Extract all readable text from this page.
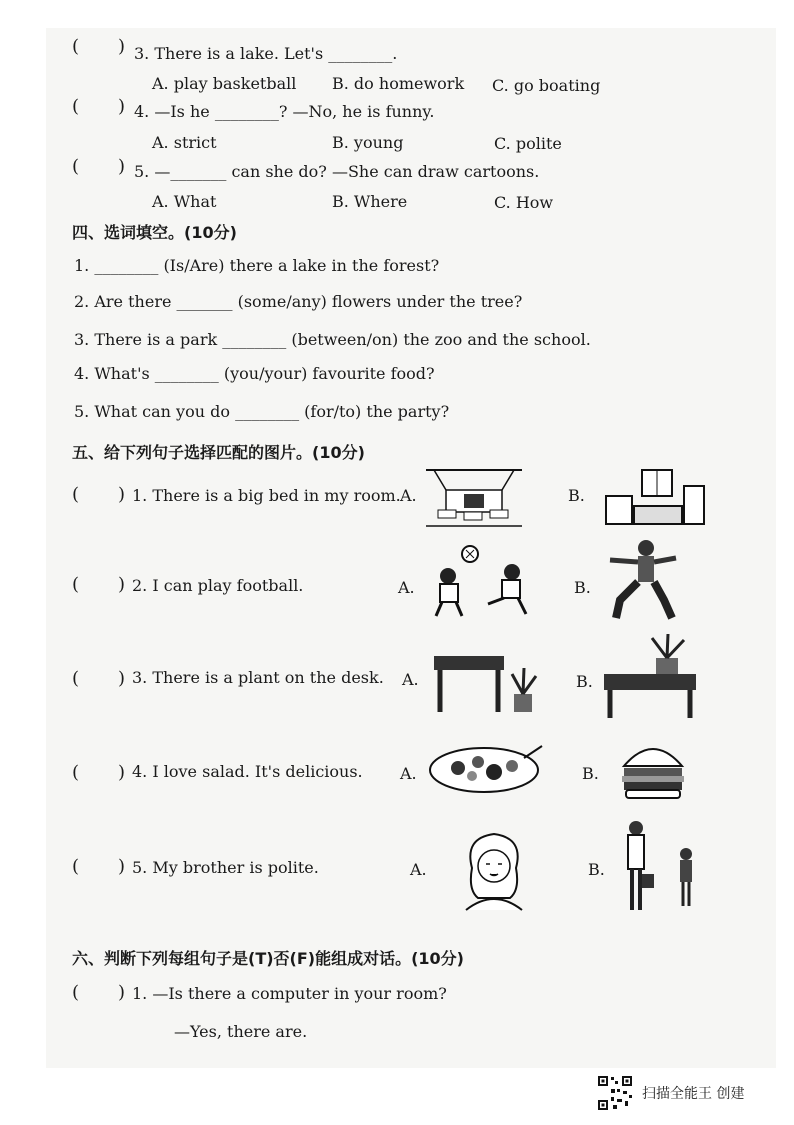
( ) 3. There is a lake. Let's ________.
A. play basketball B. do homework C. go boating
( ) 4. —Is he ________? —No, he is funny.
A. strict	B. young	C. polite
( ) 5. —_______ can she do? —She can draw cartoons.
A. What	B. Where	C. How
四、选词填空。(10分)
1. ________ (Is/Are) there a lake in the forest?
2. Are there _______ (some/any) flowers under the tree?
3. There is a park ________ (between/on) the zoo and the school.
4. What's ________ (you/your) favourite food?
5. What can you do ________ (for/to) the party?
五、给下列句子选择匹配的图片。(10分)
( ) 1. There is a big bed in my room. A.	B.
( ) 2. I can play football.	A.	B.
( ) 3. There is a plant on the desk. A.	B.
( ) 4. I love salad. It's delicious. A.	B.
( ) 5. My brother is polite.	A.	B.
六、判断下列每组句子是(T)否(F)能组成对话。(10分)
( ) 1. —Is there a computer in your room?
—Yes, there are.
扫描全能王 创建
